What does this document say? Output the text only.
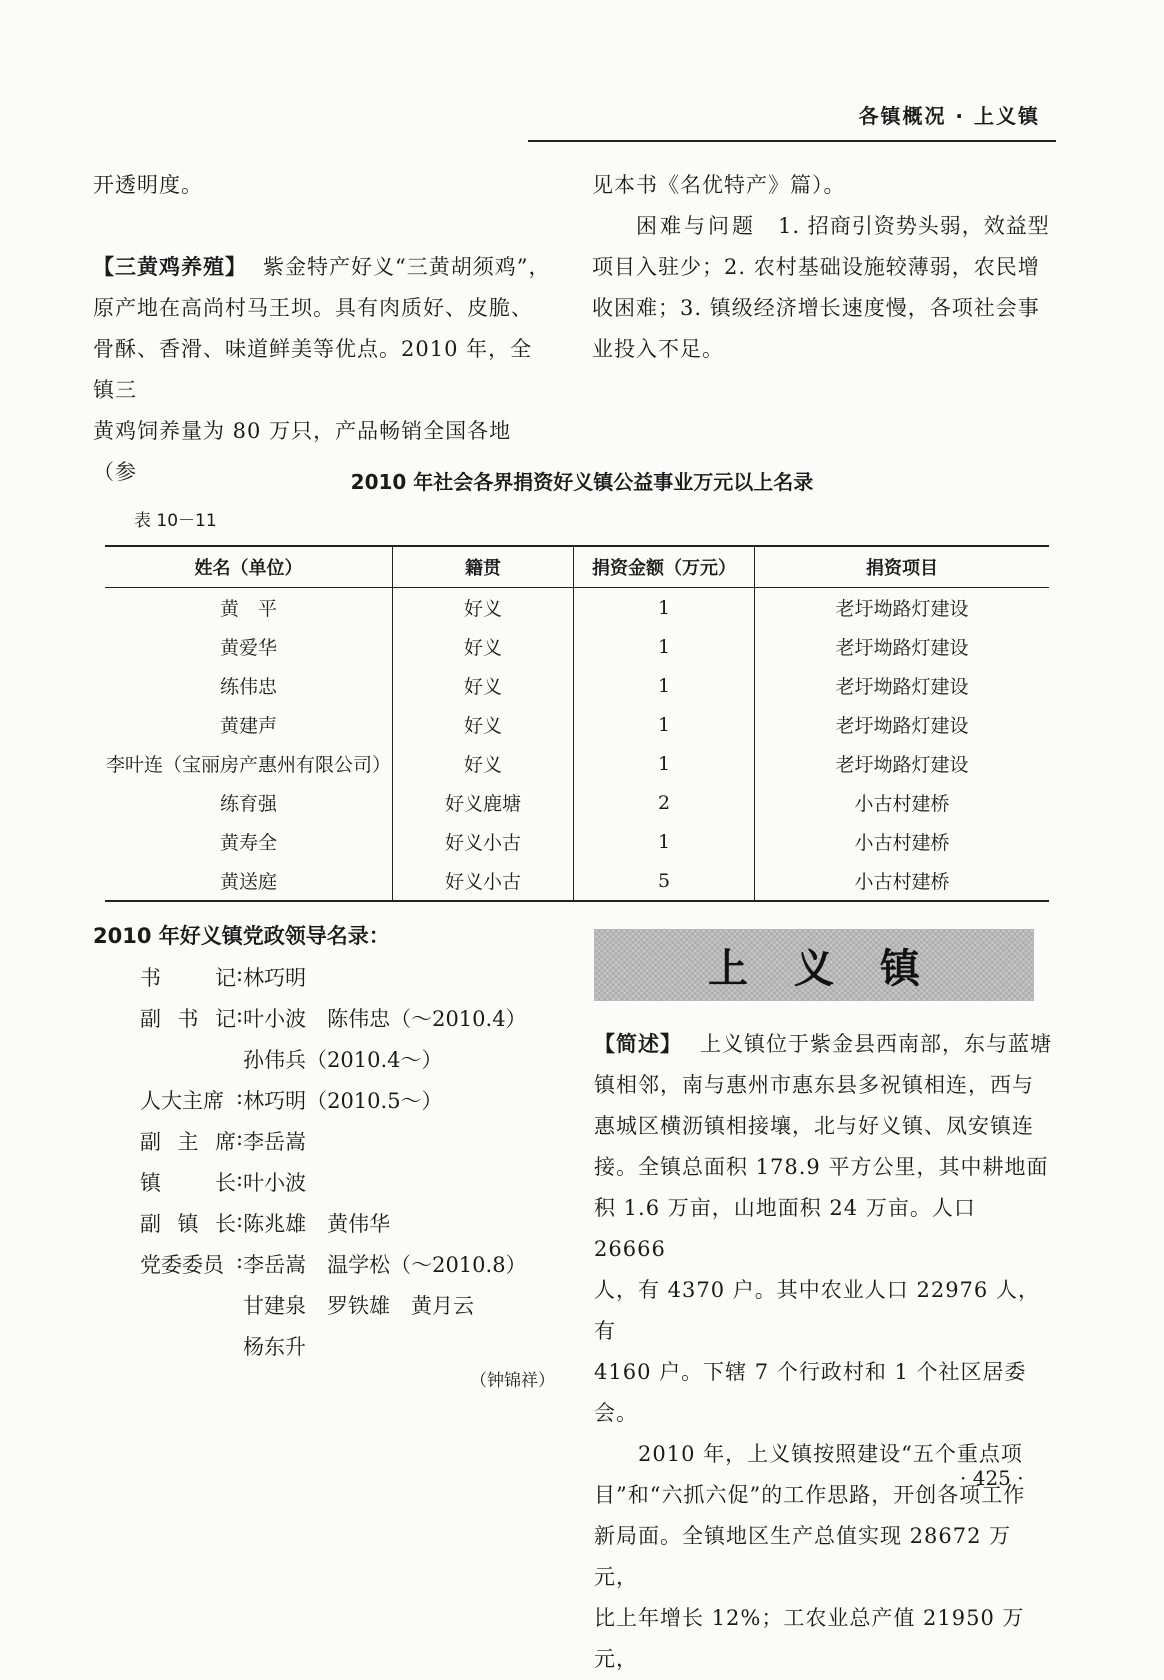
各镇概况 · 上义镇

开透明度。

【三黄鸡养殖】 紫金特产好义“三黄胡须鸡”，

原产地在高尚村马王坝。具有肉质好、皮脆、

骨酥、香滑、味道鲜美等优点。2010 年，全镇三

黄鸡饲养量为 80 万只，产品畅销全国各地（参

见本书《名优特产》篇）。

困难与问题 1. 招商引资势头弱，效益型

项目入驻少；2. 农村基础设施较薄弱，农民增

收困难；3. 镇级经济增长速度慢，各项社会事

业投入不足。

2010 年社会各界捐资好义镇公益事业万元以上名录
表 10－11
姓名（单位）	籍贯	捐资金额（万元）	捐资项目
黄　平	好义	1	老圩坳路灯建设
黄爱华	好义	1	老圩坳路灯建设
练伟忠	好义	1	老圩坳路灯建设
黄建声	好义	1	老圩坳路灯建设
李叶连（宝丽房产惠州有限公司）	好义	1	老圩坳路灯建设
练育强	好义鹿塘	2	小古村建桥
黄寿全	好义小古	1	小古村建桥
黄送庭	好义小古	5	小古村建桥
2010 年好义镇党政领导名录：
书	记 : 林巧明
副 书 记 : 叶小波　陈伟忠（～2010.4）
孙伟兵（2010.4～）
人大主席 : 林巧明（2010.5～）
副 主 席 : 李岳嵩
镇	长 : 叶小波
副 镇 长 : 陈兆雄　黄伟华
党委委员 : 李岳嵩　温学松（～2010.8）
甘建泉　罗铁雄　黄月云
杨东升
（钟锦祥）
上义镇

【简述】 上义镇位于紫金县西南部，东与蓝塘

镇相邻，南与惠州市惠东县多祝镇相连，西与

惠城区横沥镇相接壤，北与好义镇、凤安镇连

接。全镇总面积 178.9 平方公里，其中耕地面

积 1.6 万亩，山地面积 24 万亩。人口 26666

人，有 4370 户。其中农业人口 22976 人，有

4160 户。下辖 7 个行政村和 1 个社区居委会。

2010 年，上义镇按照建设“五个重点项

目”和“六抓六促”的工作思路，开创各项工作

新局面。全镇地区生产总值实现 28672 万元，

比上年增长 12%；工农业总产值 21950 万元，

· 425 ·
